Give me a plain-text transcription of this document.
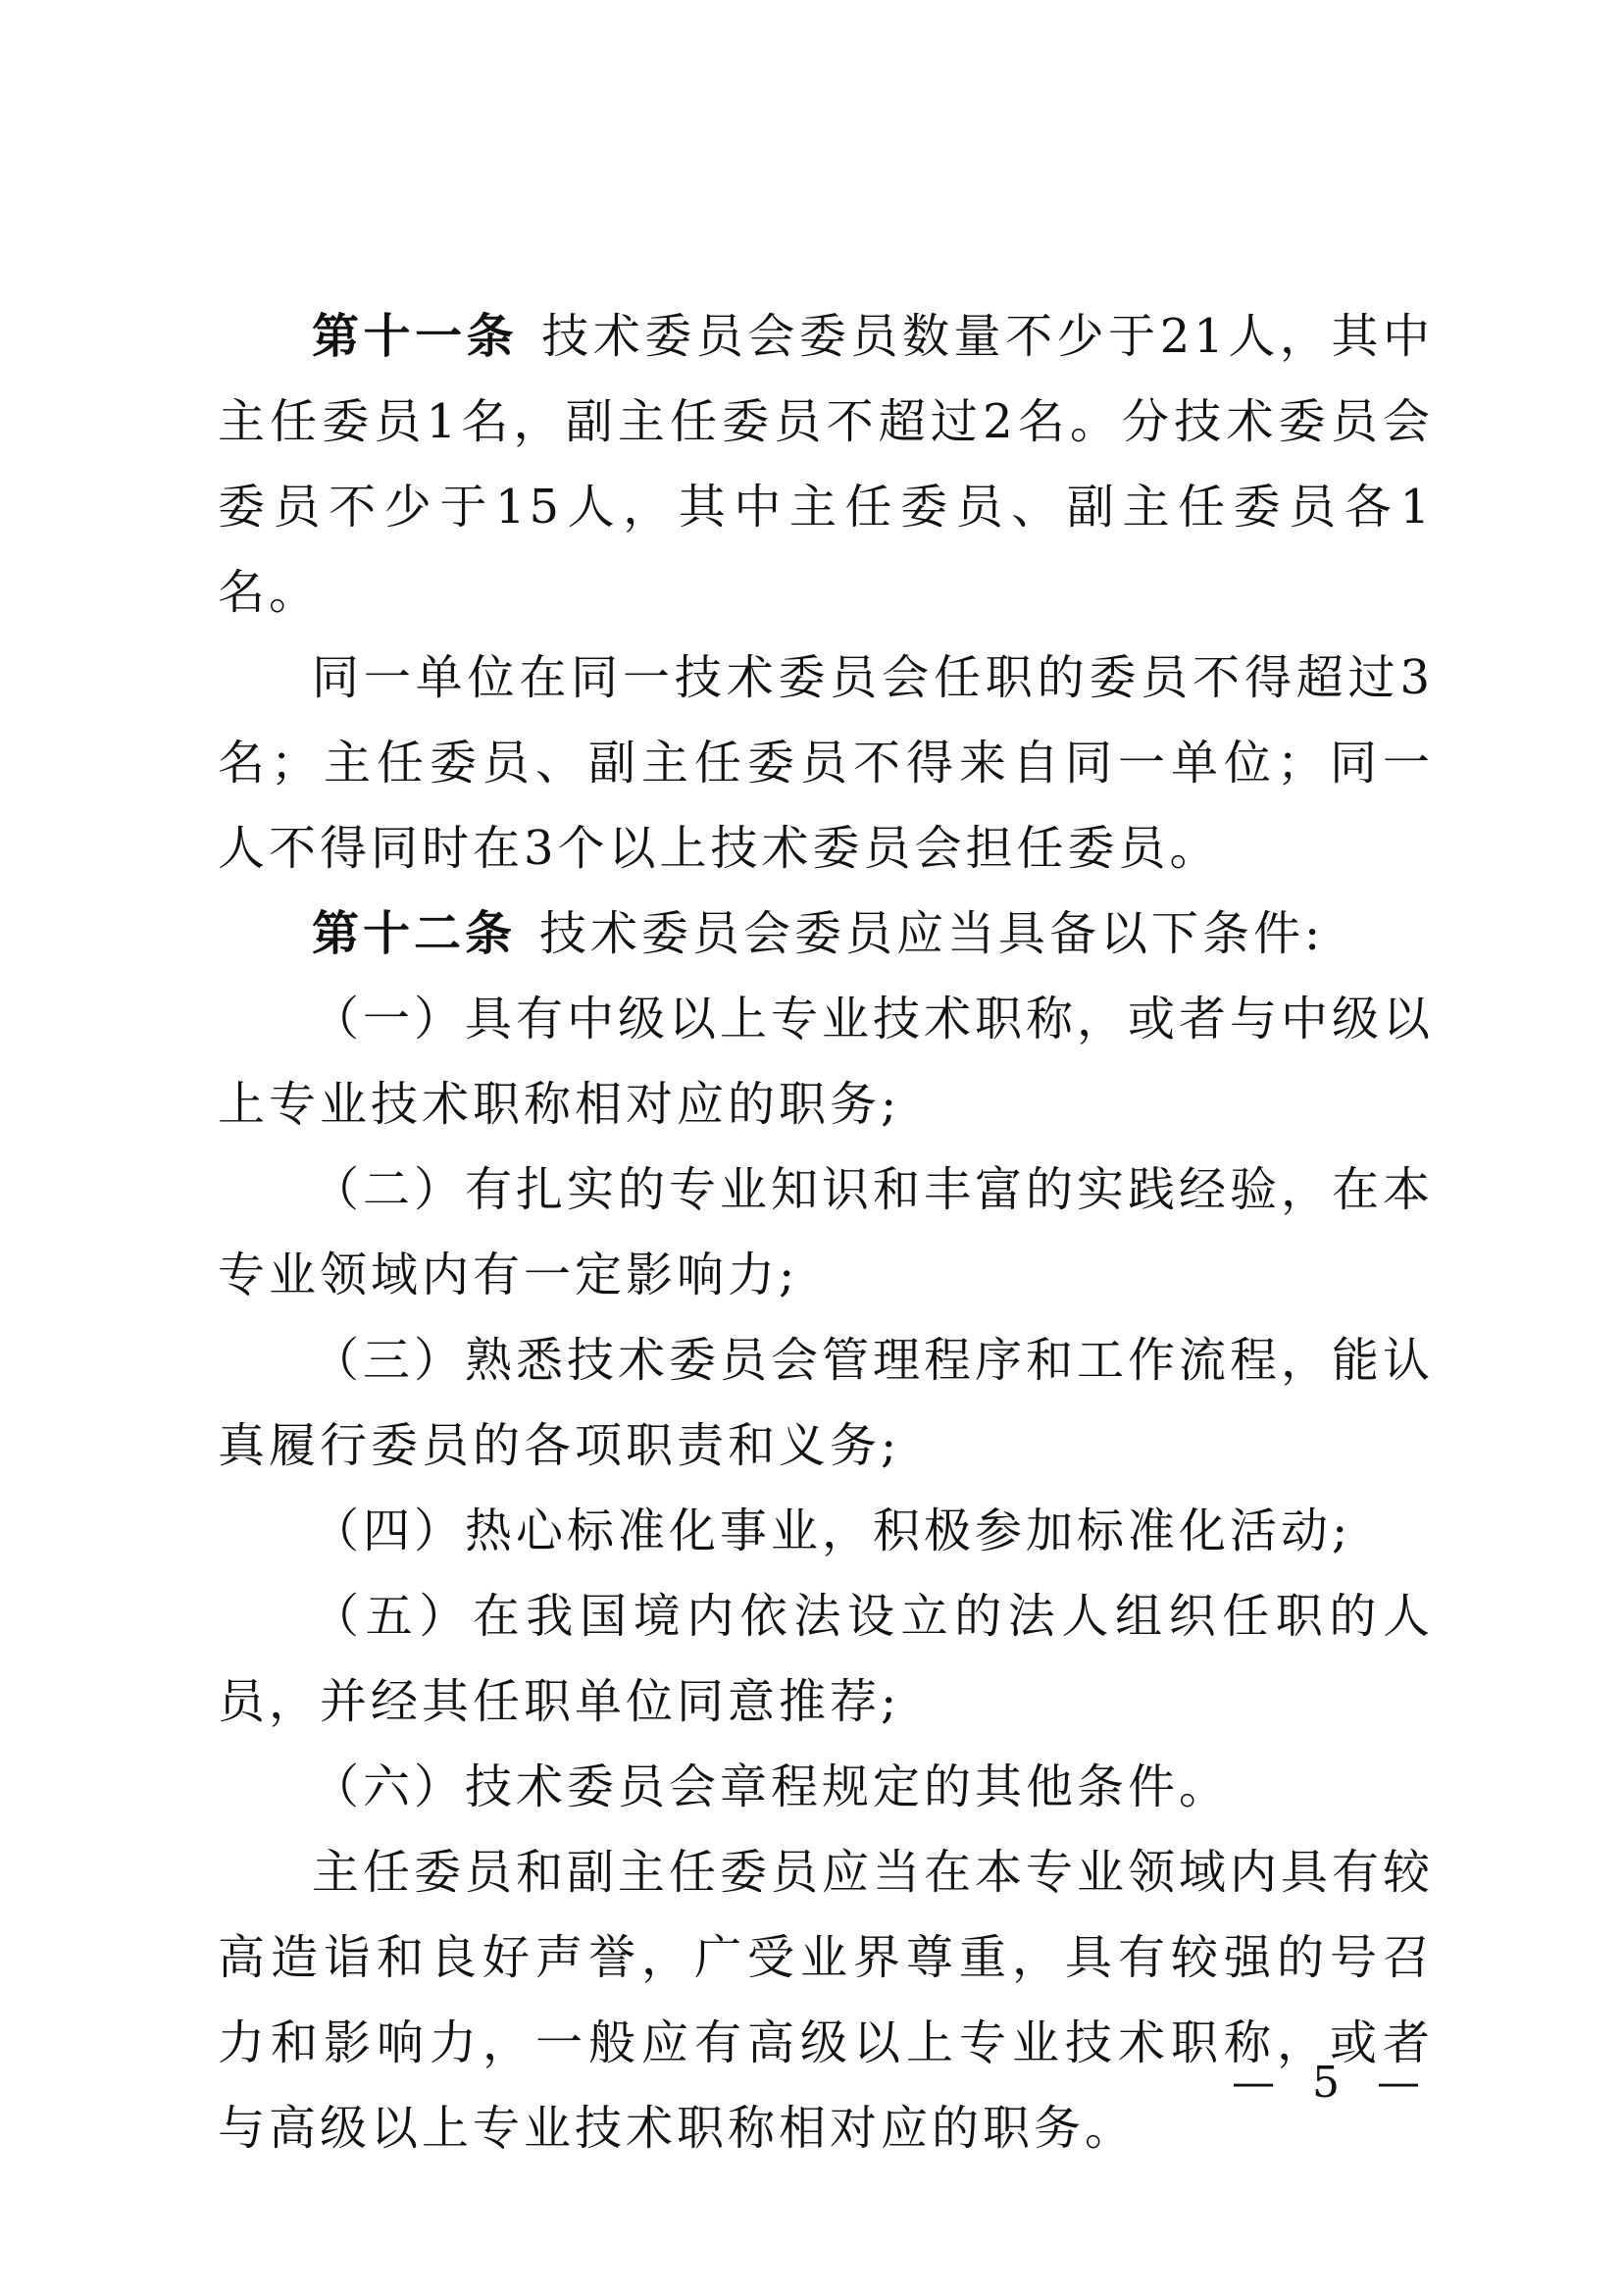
第十一条 技术委员会委员数量不少于21人，其中主任委员1名，副主任委员不超过2名。分技术委员会委员不少于15人，其中主任委员、副主任委员各1名。

同一单位在同一技术委员会任职的委员不得超过3名；主任委员、副主任委员不得来自同一单位；同一人不得同时在3个以上技术委员会担任委员。

第十二条 技术委员会委员应当具备以下条件:

（一）具有中级以上专业技术职称，或者与中级以上专业技术职称相对应的职务;

（二）有扎实的专业知识和丰富的实践经验，在本专业领域内有一定影响力;

（三）熟悉技术委员会管理程序和工作流程，能认真履行委员的各项职责和义务;

（四）热心标准化事业，积极参加标准化活动;

（五）在我国境内依法设立的法人组织任职的人员，并经其任职单位同意推荐;

（六）技术委员会章程规定的其他条件。

主任委员和副主任委员应当在本专业领域内具有较高造诣和良好声誉，广受业界尊重，具有较强的号召力和影响力，一般应有高级以上专业技术职称，或者与高级以上专业技术职称相对应的职务。

— 5 —
